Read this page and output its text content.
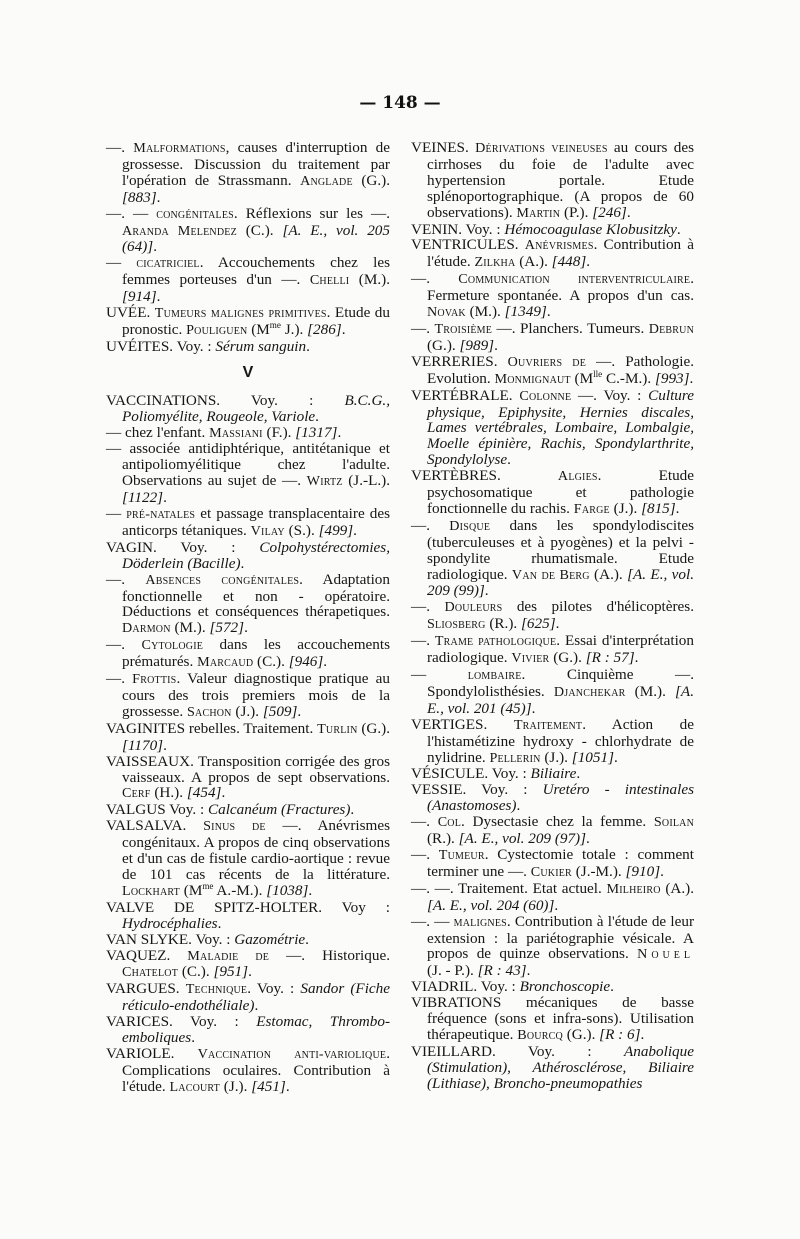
— 148 —

—. Malformations, causes d'interruption de grossesse. Discussion du traitement par l'opération de Strassmann. Anglade (G.). [883].

—. — congénitales. Réflexions sur les —. Aranda Melendez (C.). [A. E., vol. 205 (64)].

— cicatriciel. Accouchements chez les femmes porteuses d'un —. Chelli (M.). [914].

UVÉE. Tumeurs malignes primitives. Etude du pronostic. Pouliguen ($M^{me}$ J.). [286].

UVÉITES. Voy. : Sérum sanguin.

V

VACCINATIONS. Voy. : B.C.G., Poliomyélite, Rougeole, Variole.

— chez l'enfant. Massiani (F.). [1317].

— associée antidiphtérique, antitétanique et antipoliomyélitique chez l'adulte. Observations au sujet de —. Wirtz (J.-L.). [1122].

— pré-natales et passage transplacentaire des anticorps tétaniques. Vilay (S.). [499].

VAGIN. Voy. : Colpohystérectomies, Döderlein (Bacille).

—. Absences congénitales. Adaptation fonctionnelle et non - opératoire. Déductions et conséquences thérapetiques. Darmon (M.). [572].

—. Cytologie dans les accouchements prématurés. Marcaud (C.). [946].

—. Frottis. Valeur diagnostique pratique au cours des trois premiers mois de la grossesse. Sachon (J.). [509].

VAGINITES rebelles. Traitement. Turlin (G.). [1170].

VAISSEAUX. Transposition corrigée des gros vaisseaux. A propos de sept observations. Cerf (H.). [454].

VALGUS Voy. : Calcanéum (Fractures).

VALSALVA. Sinus de —. Anévrismes congénitaux. A propos de cinq observations et d'un cas de fistule cardio-aortique : revue de 101 cas récents de la littérature. Lockhart ($M^{me}$ A.-M.). [1038].

VALVE DE SPITZ-HOLTER. Voy : Hydrocéphalies.

VAN SLYKE. Voy. : Gazométrie.

VAQUEZ. Maladie de —. Historique. Chatelot (C.). [951].

VARGUES. Technique. Voy. : Sandor (Fiche réticulo-endothéliale).

VARICES. Voy. : Estomac, Thrombo-emboliques.

VARIOLE. Vaccination anti-variolique. Complications oculaires. Contribution à l'étude. Lacourt (J.). [451].

VEINES. Dérivations veineuses au cours des cirrhoses du foie de l'adulte avec hypertension portale. Etude splénoportographique. (A propos de 60 observations). Martin (P.). [246].

VENIN. Voy. : Hémocoagulase Klobusitzky.

VENTRICULES. Anévrismes. Contribution à l'étude. Zilkha (A.). [448].

—. Communication interventriculaire. Fermeture spontanée. A propos d'un cas. Novak (M.). [1349].

—. Troisième —. Planchers. Tumeurs. Debrun (G.). [989].

VERRERIES. Ouvriers de —. Pathologie. Evolution. Monmignaut ($M^{lle}$ C.-M.). [993].

VERTÉBRALE. Colonne —. Voy. : Culture physique, Epiphysite, Hernies discales, Lames vertébrales, Lombaire, Lombalgie, Moelle épinière, Rachis, Spondylarthrite, Spondylolyse.

VERTÈBRES. Algies. Etude psychosomatique et pathologie fonctionnelle du rachis. Farge (J.). [815].

—. Disque dans les spondylodiscites (tuberculeuses et à pyogènes) et la pelvi - spondylite rhumatismale. Etude radiologique. Van de Berg (A.). [A. E., vol. 209 (99)].

—. Douleurs des pilotes d'hélicoptères. Sliosberg (R.). [625].

—. Trame pathologique. Essai d'interprétation radiologique. Vivier (G.). [R : 57].

— lombaire. Cinquième —. Spondylolisthésies. Djanchekar (M.). [A. E., vol. 201 (45)].

VERTIGES. Traitement. Action de l'histamétizine hydroxy - chlorhydrate de nylidrine. Pellerin (J.). [1051].

VÉSICULE. Voy. : Biliaire.

VESSIE. Voy. : Uretéro - intestinales (Anastomoses).

—. Col. Dysectasie chez la femme. Soilan (R.). [A. E., vol. 209 (97)].

—. Tumeur. Cystectomie totale : comment terminer une —. Cukier (J.-M.). [910].

—. —. Traitement. Etat actuel. Milheiro (A.). [A. E., vol. 204 (60)].

—. — malignes. Contribution à l'étude de leur extension : la pariétographie vésicale. A propos de quinze observations. Nouel (J. - P.). [R : 43].

VIADRIL. Voy. : Bronchoscopie.

VIBRATIONS mécaniques de basse fréquence (sons et infra-sons). Utilisation thérapeutique. Bourcq (G.). [R : 6].

VIEILLARD. Voy. : Anabolique (Stimulation), Athérosclérose, Biliaire (Lithiase), Broncho-pneumopathies
